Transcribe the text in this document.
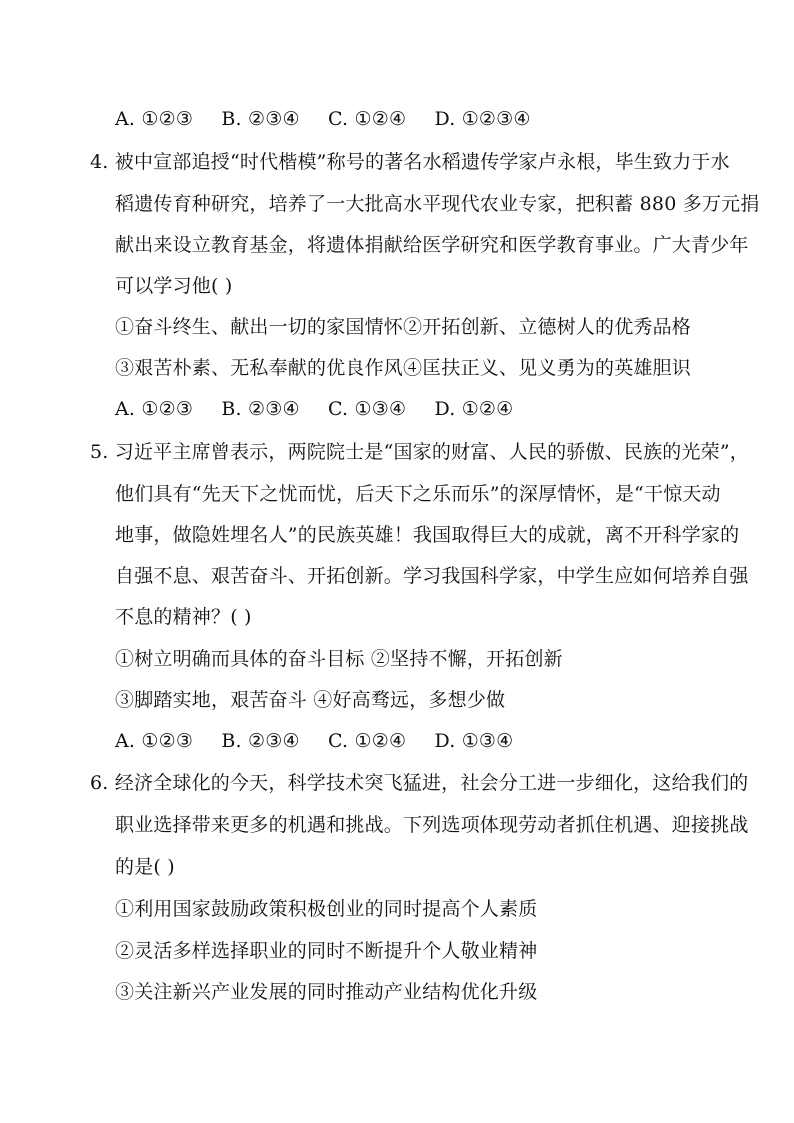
A. ①②③ B. ②③④ C. ①②④ D. ①②③④
4. 被中宣部追授“时代楷模”称号的著名水稻遗传学家卢永根，毕生致力于水
稻遗传育种研究，培养了一大批高水平现代农业专家，把积蓄 880 多万元捐
献出来设立教育基金，将遗体捐献给医学研究和医学教育事业。广大青少年
可以学习他( )
①奋斗终生、献出一切的家国情怀②开拓创新、立德树人的优秀品格
③艰苦朴素、无私奉献的优良作风④匡扶正义、见义勇为的英雄胆识
A. ①②③ B. ②③④ C. ①③④ D. ①②④
5. 习近平主席曾表示，两院院士是“国家的财富、人民的骄傲、民族的光荣”，
他们具有“先天下之忧而忧，后天下之乐而乐”的深厚情怀，是“干惊天动
地事，做隐姓埋名人”的民族英雄！我国取得巨大的成就，离不开科学家的
自强不息、艰苦奋斗、开拓创新。学习我国科学家，中学生应如何培养自强
不息的精神？( )
①树立明确而具体的奋斗目标 ②坚持不懈，开拓创新
③脚踏实地，艰苦奋斗 ④好高骛远，多想少做
A. ①②③ B. ②③④ C. ①②④ D. ①③④
6. 经济全球化的今天，科学技术突飞猛进，社会分工进一步细化，这给我们的
职业选择带来更多的机遇和挑战。下列选项体现劳动者抓住机遇、迎接挑战
的是( )
①利用国家鼓励政策积极创业的同时提高个人素质
②灵活多样选择职业的同时不断提升个人敬业精神
③关注新兴产业发展的同时推动产业结构优化升级
